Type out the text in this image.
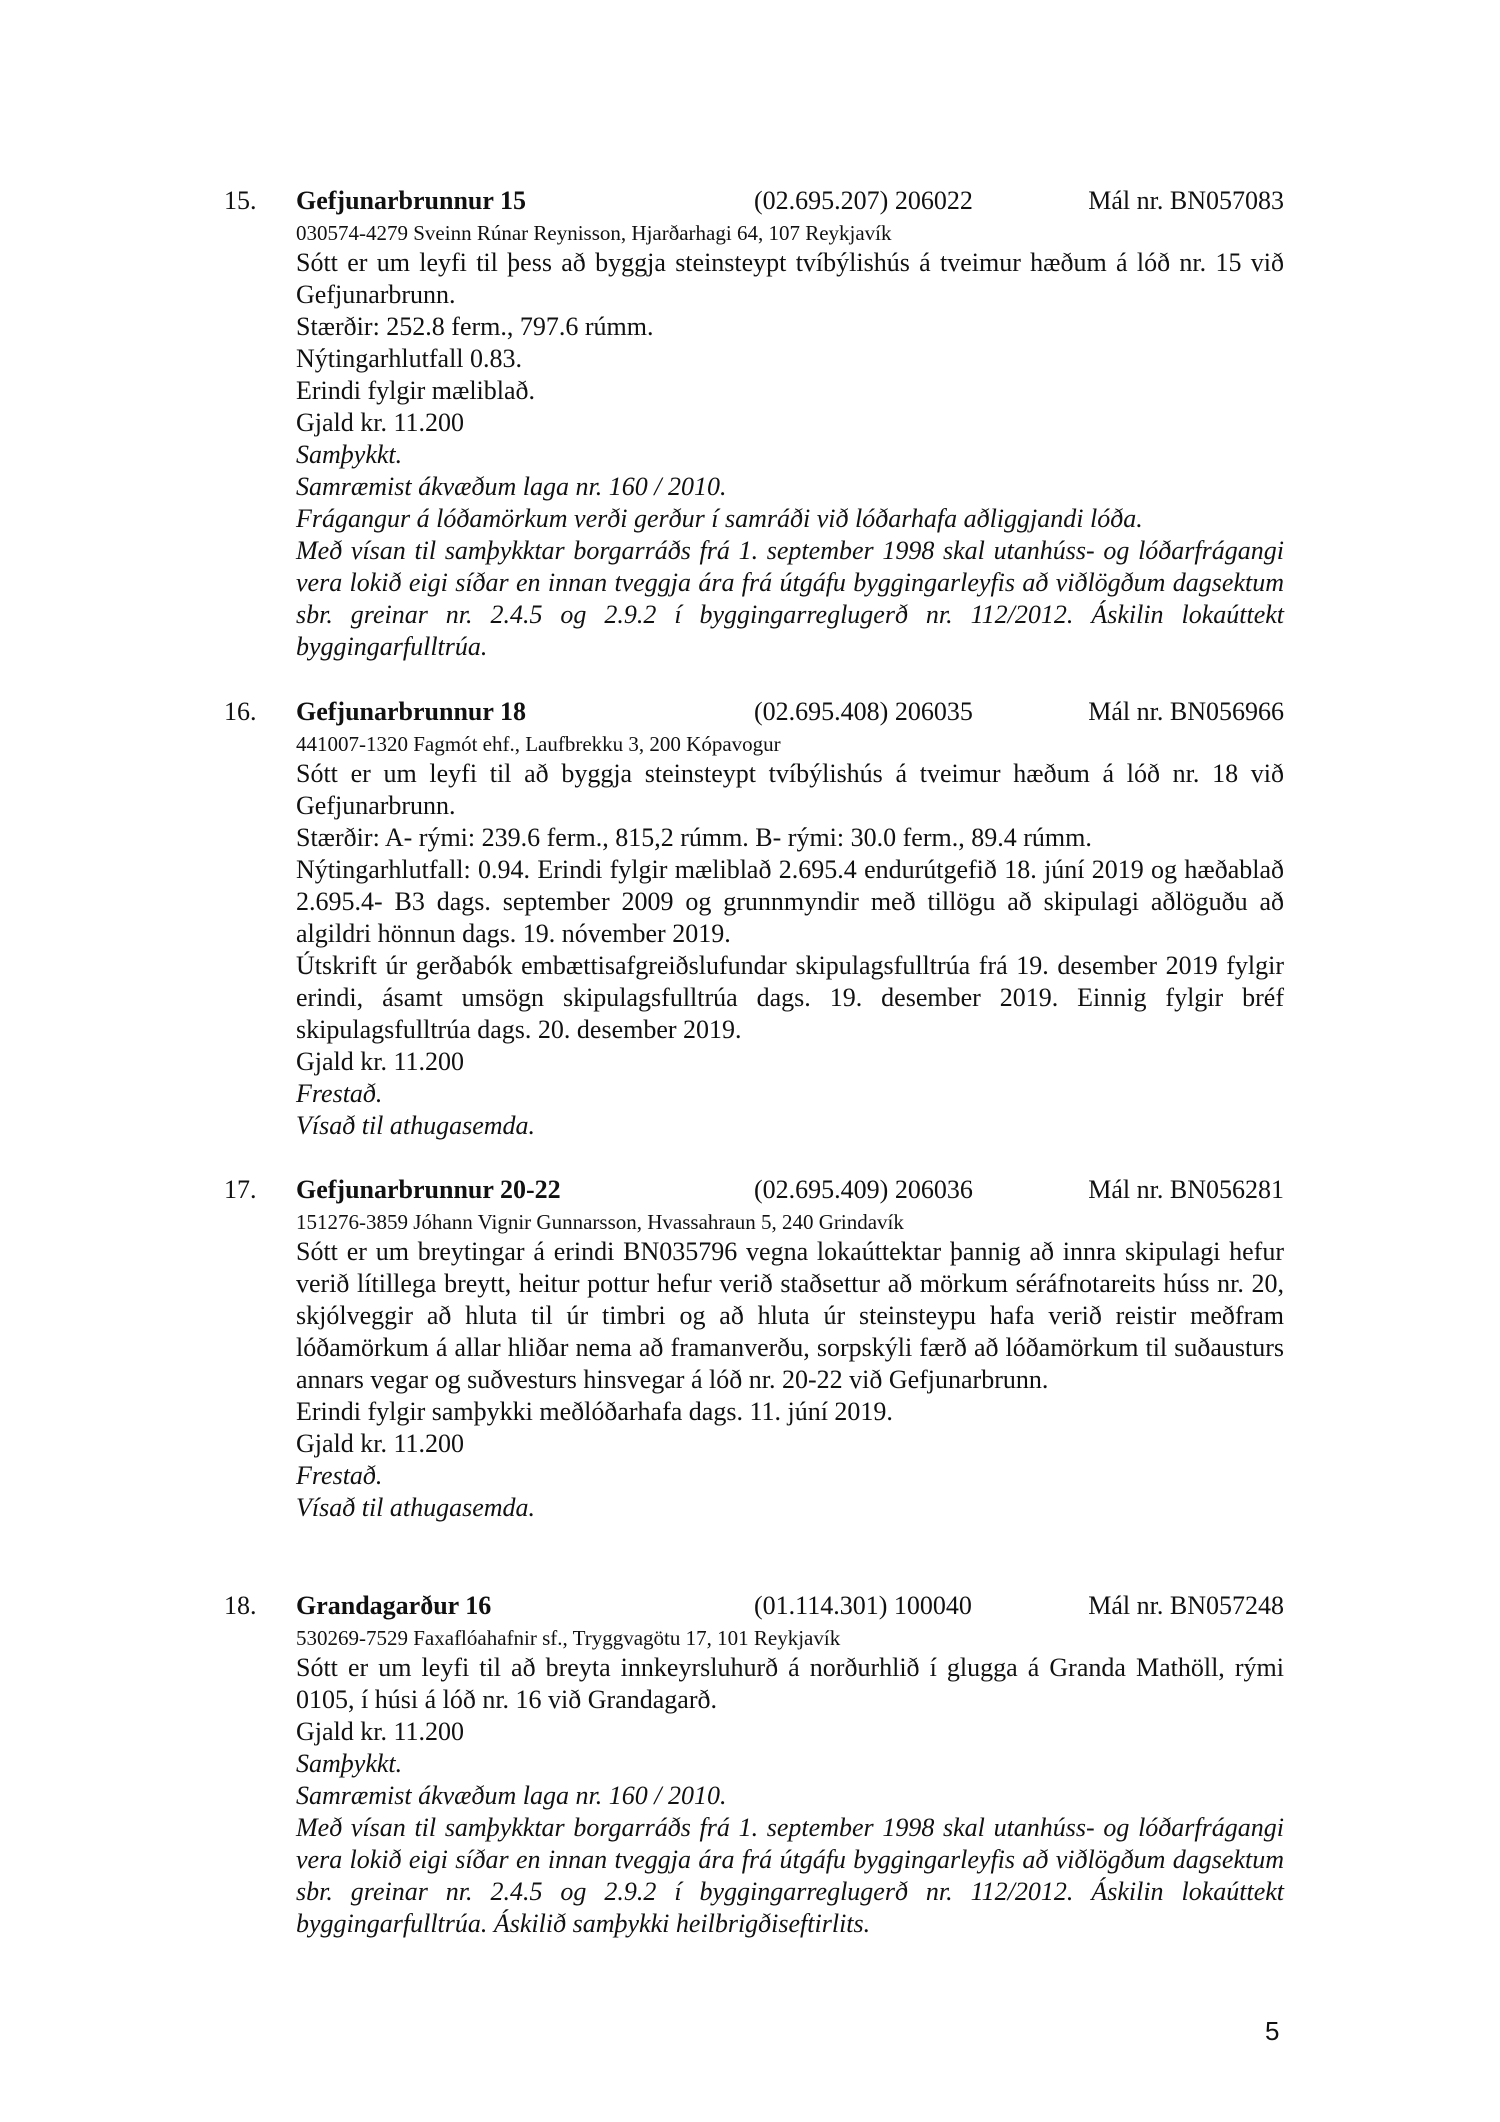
15. Gefjunarbrunnur 15	(02.695.207) 206022	Mál nr. BN057083
030574-4279 Sveinn Rúnar Reynisson, Hjarðarhagi 64, 107 Reykjavík
Sótt er um leyfi til þess að byggja steinsteypt tvíbýlishús á tveimur hæðum á lóð nr. 15 við Gefjunarbrunn.
Stærðir: 252.8 ferm., 797.6 rúmm.
Nýtingarhlutfall 0.83.
Erindi fylgir mæliblað.
Gjald kr. 11.200
Samþykkt.
Samræmist ákvæðum laga nr. 160 / 2010.
Frágangur á lóðamörkum verði gerður í samráði við lóðarhafa aðliggjandi lóða.
Með vísan til samþykktar borgarráðs frá 1. september 1998 skal utanhúss- og lóðarfrágangi vera lokið eigi síðar en innan tveggja ára frá útgáfu byggingarleyfis að viðlögðum dagsektum sbr. greinar nr. 2.4.5 og 2.9.2 í byggingarreglugerð nr. 112/2012. Áskilin lokaúttekt byggingarfulltrúa.
16. Gefjunarbrunnur 18	(02.695.408) 206035	Mál nr. BN056966
441007-1320 Fagmót ehf., Laufbrekku 3, 200 Kópavogur
Sótt er um leyfi til að byggja steinsteypt tvíbýlishús á tveimur hæðum á lóð nr. 18 við Gefjunarbrunn.
Stærðir: A- rými: 239.6 ferm., 815,2 rúmm. B- rými: 30.0 ferm., 89.4 rúmm.
Nýtingarhlutfall: 0.94. Erindi fylgir mæliblað 2.695.4 endurútgefið 18. júní 2019 og hæðablað 2.695.4- B3 dags. september 2009 og grunnmyndir með tillögu að skipulagi aðlöguðu að algildri hönnun dags. 19. nóvember 2019.
Útskrift úr gerðabók embættisafgreiðslufundar skipulagsfulltrúa frá 19. desember 2019 fylgir erindi, ásamt umsögn skipulagsfulltrúa dags. 19. desember 2019. Einnig fylgir bréf skipulagsfulltrúa dags. 20. desember 2019.
Gjald kr. 11.200
Frestað.
Vísað til athugasemda.
17. Gefjunarbrunnur 20-22	(02.695.409) 206036	Mál nr. BN056281
151276-3859 Jóhann Vignir Gunnarsson, Hvassahraun 5, 240 Grindavík
Sótt er um breytingar á erindi BN035796 vegna lokaúttektar þannig að innra skipulagi hefur verið lítillega breytt, heitur pottur hefur verið staðsettur að mörkum séráfnotareits húss nr. 20, skjólveggir að hluta til úr timbri og að hluta úr steinsteypu hafa verið reistir meðfram lóðamörkum á allar hliðar nema að framanverðu, sorpskýli færð að lóðamörkum til suðausturs annars vegar og suðvesturs hinsvegar á lóð nr. 20-22 við Gefjunarbrunn.
Erindi fylgir samþykki meðlóðarhafa dags. 11. júní 2019.
Gjald kr. 11.200
Frestað.
Vísað til athugasemda.
18. Grandagarður 16	(01.114.301) 100040	Mál nr. BN057248
530269-7529 Faxaflóahafnir sf., Tryggvagötu 17, 101 Reykjavík
Sótt er um leyfi til að breyta innkeyrsluhurð á norðurhlið í glugga á Granda Mathöll, rými 0105, í húsi á lóð nr. 16 við Grandagarð.
Gjald kr. 11.200
Samþykkt.
Samræmist ákvæðum laga nr. 160 / 2010.
Með vísan til samþykktar borgarráðs frá 1. september 1998 skal utanhúss- og lóðarfrágangi vera lokið eigi síðar en innan tveggja ára frá útgáfu byggingarleyfis að viðlögðum dagsektum sbr. greinar nr. 2.4.5 og 2.9.2 í byggingarreglugerð nr. 112/2012. Áskilin lokaúttekt byggingarfulltrúa. Áskilið samþykki heilbrigðiseftirlits.
5
